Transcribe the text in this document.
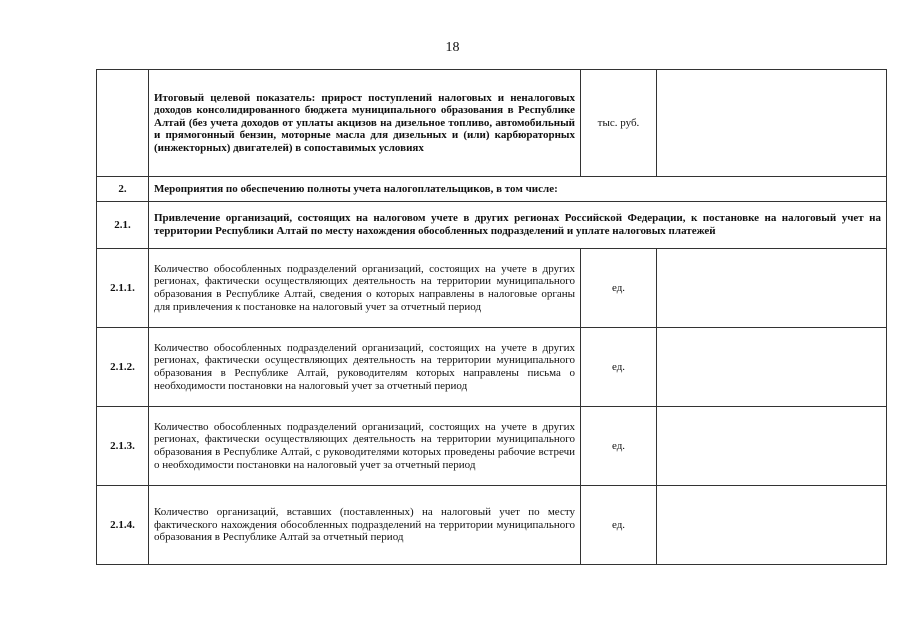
18
	Итоговый целевой показатель: прирост поступлений налоговых и неналоговых доходов консолидированного бюджета муниципального образования в Республике Алтай (без учета доходов от уплаты акцизов на дизельное топливо, автомобильный и прямогонный бензин, моторные масла для дизельных и (или) карбюраторных (инжекторных) двигателей) в сопоставимых условиях	тыс. руб.	
2.	Мероприятия по обеспечению полноты учета налогоплательщиков, в том числе:		
2.1.	Привлечение организаций, состоящих на налоговом учете в других регионах Российской Федерации, к постановке на налоговый учет на территории Республики Алтай по месту нахождения обособленных подразделений и уплате налоговых платежей		
2.1.1.	Количество обособленных подразделений организаций, состоящих на учете в других регионах, фактически осуществляющих деятельность на территории муниципального образования в Республике Алтай, сведения о которых направлены в налоговые органы для привлечения к постановке на налоговый учет за отчетный период	ед.	
2.1.2.	Количество обособленных подразделений организаций, состоящих на учете в других регионах, фактически осуществляющих деятельность на территории муниципального образования в Республике Алтай, руководителям которых направлены письма о необходимости постановки на налоговый учет за отчетный период	ед.	
2.1.3.	Количество обособленных подразделений организаций, состоящих на учете в других регионах, фактически осуществляющих деятельность на территории муниципального образования в Республике Алтай, с руководителями которых проведены рабочие встречи о необходимости постановки на налоговый учет за отчетный период	ед.	
2.1.4.	Количество организаций, вставших (поставленных) на налоговый учет по месту фактического нахождения обособленных подразделений на территории муниципального образования в Республике Алтай за отчетный период	ед.	
